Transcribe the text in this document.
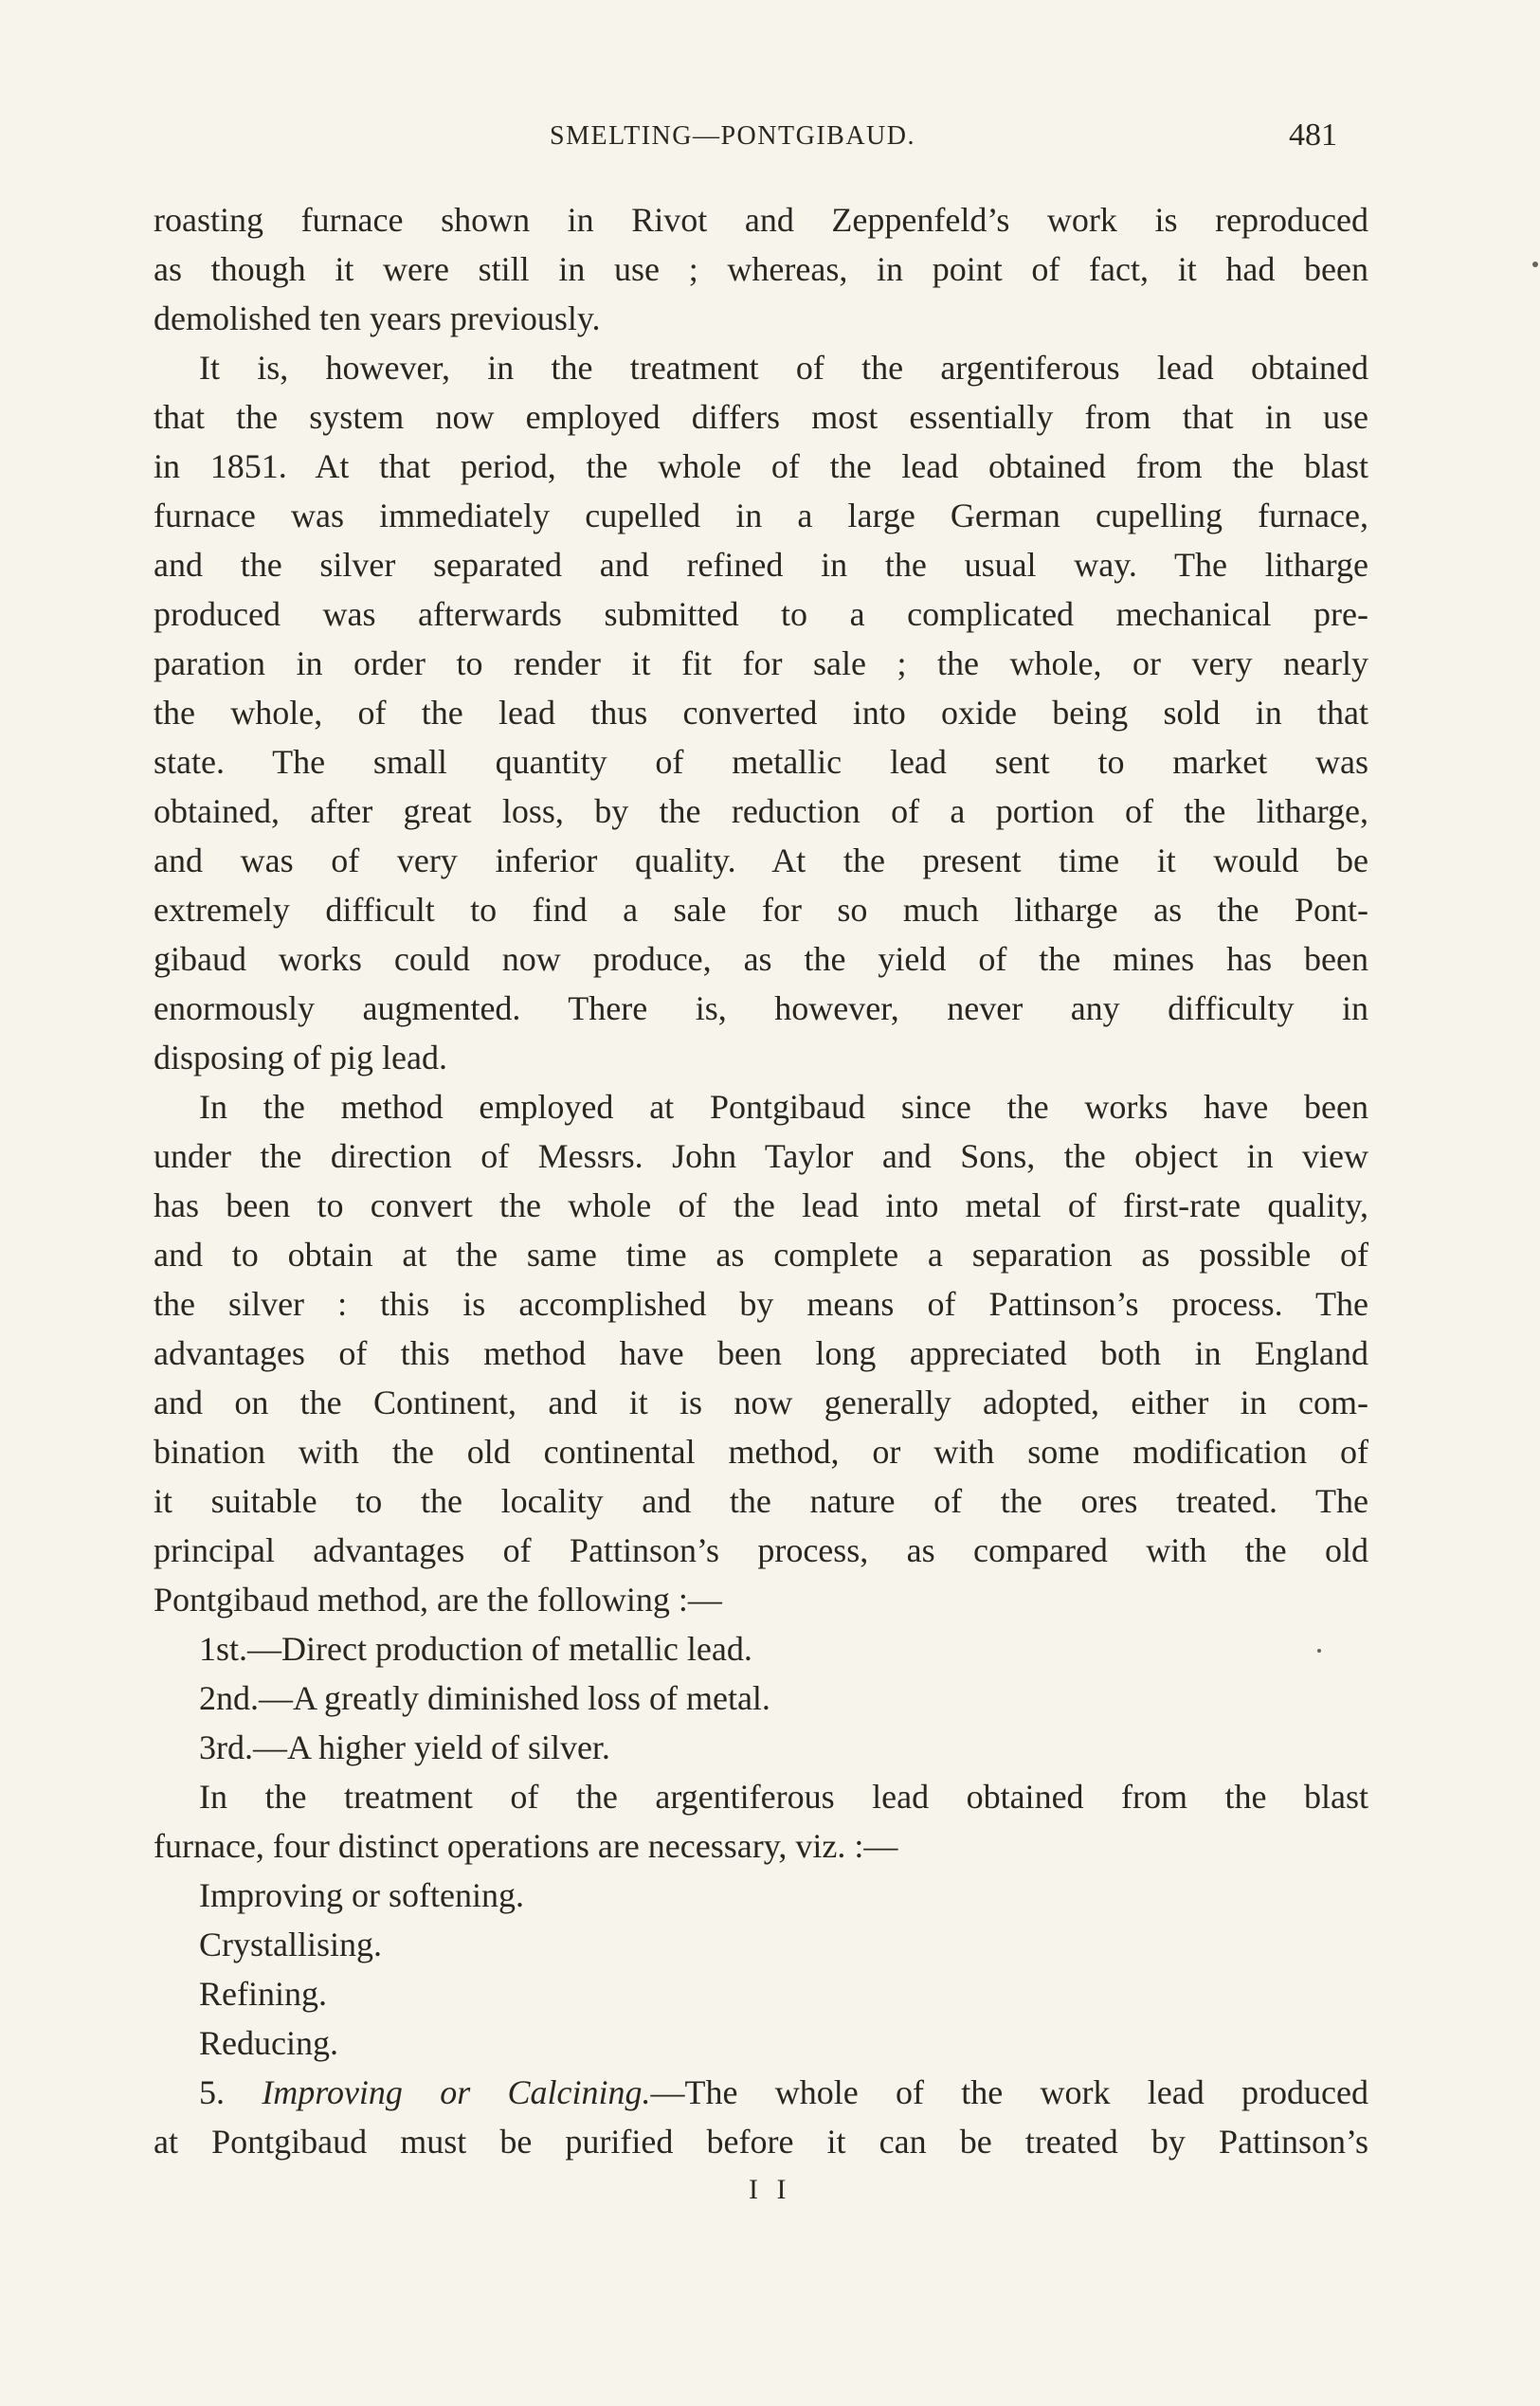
SMELTING—PONTGIBAUD.	481
roasting furnace shown in Rivot and Zeppenfeld’s work is reproduced
as though it were still in use ; whereas, in point of fact, it had been
demolished ten years previously.
It is, however, in the treatment of the argentiferous lead obtained
that the system now employed differs most essentially from that in use
in 1851. At that period, the whole of the lead obtained from the blast
furnace was immediately cupelled in a large German cupelling furnace,
and the silver separated and refined in the usual way. The litharge
produced was afterwards submitted to a complicated mechanical pre-
paration in order to render it fit for sale ; the whole, or very nearly
the whole, of the lead thus converted into oxide being sold in that
state. The small quantity of metallic lead sent to market was
obtained, after great loss, by the reduction of a portion of the litharge,
and was of very inferior quality. At the present time it would be
extremely difficult to find a sale for so much litharge as the Pont-
gibaud works could now produce, as the yield of the mines has been
enormously augmented. There is, however, never any difficulty in
disposing of pig lead.
In the method employed at Pontgibaud since the works have been
under the direction of Messrs. John Taylor and Sons, the object in view
has been to convert the whole of the lead into metal of first-rate quality,
and to obtain at the same time as complete a separation as possible of
the silver : this is accomplished by means of Pattinson’s process. The
advantages of this method have been long appreciated both in England
and on the Continent, and it is now generally adopted, either in com-
bination with the old continental method, or with some modification of
it suitable to the locality and the nature of the ores treated. The
principal advantages of Pattinson’s process, as compared with the old
Pontgibaud method, are the following :—
1st.—Direct production of metallic lead.
2nd.—A greatly diminished loss of metal.
3rd.—A higher yield of silver.
In the treatment of the argentiferous lead obtained from the blast
furnace, four distinct operations are necessary, viz. :—
Improving or softening.
Crystallising.
Refining.
Reducing.
5. Improving or Calcining.—The whole of the work lead produced
at Pontgibaud must be purified before it can be treated by Pattinson’s
I I
